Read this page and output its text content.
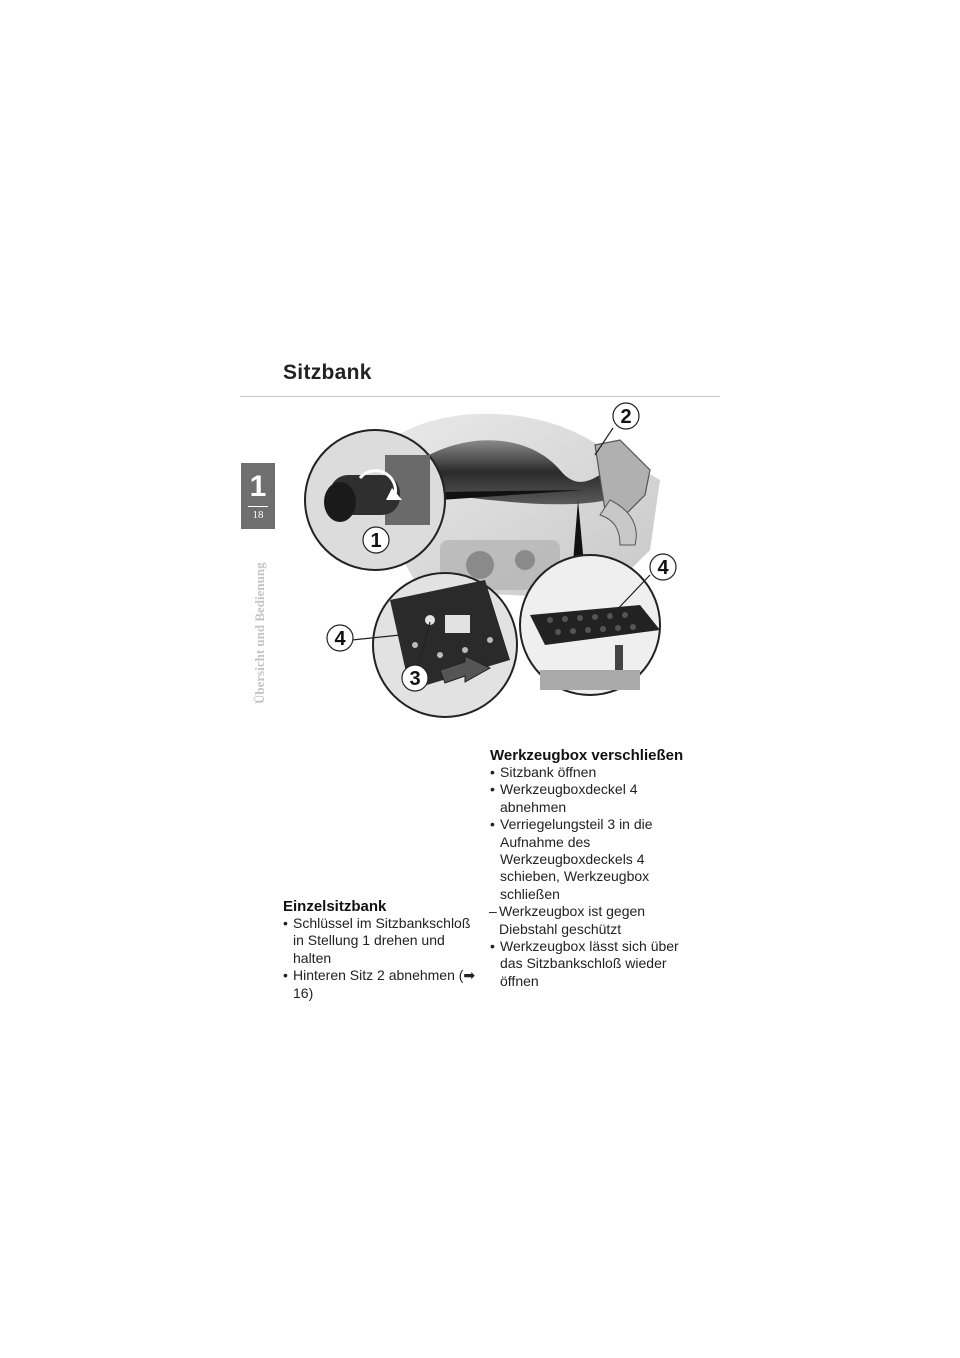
Sitzbank
1
18
Übersicht und Bedienung
2
1
4
4
3
Einzelsitzbank
• Schlüssel im Sitzbankschloß in Stellung 1 drehen und halten
• Hinteren Sitz 2 abnehmen (➡ 16)
Werkzeugbox verschließen
• Sitzbank öffnen
• Werkzeugboxdeckel 4 abnehmen
• Verriegelungsteil 3 in die Aufnahme des Werkzeugboxdeckels 4 schieben, Werkzeugbox schließen
– Werkzeugbox ist gegen Diebstahl geschützt
• Werkzeugbox lässt sich über das Sitzbankschloß wieder öffnen
